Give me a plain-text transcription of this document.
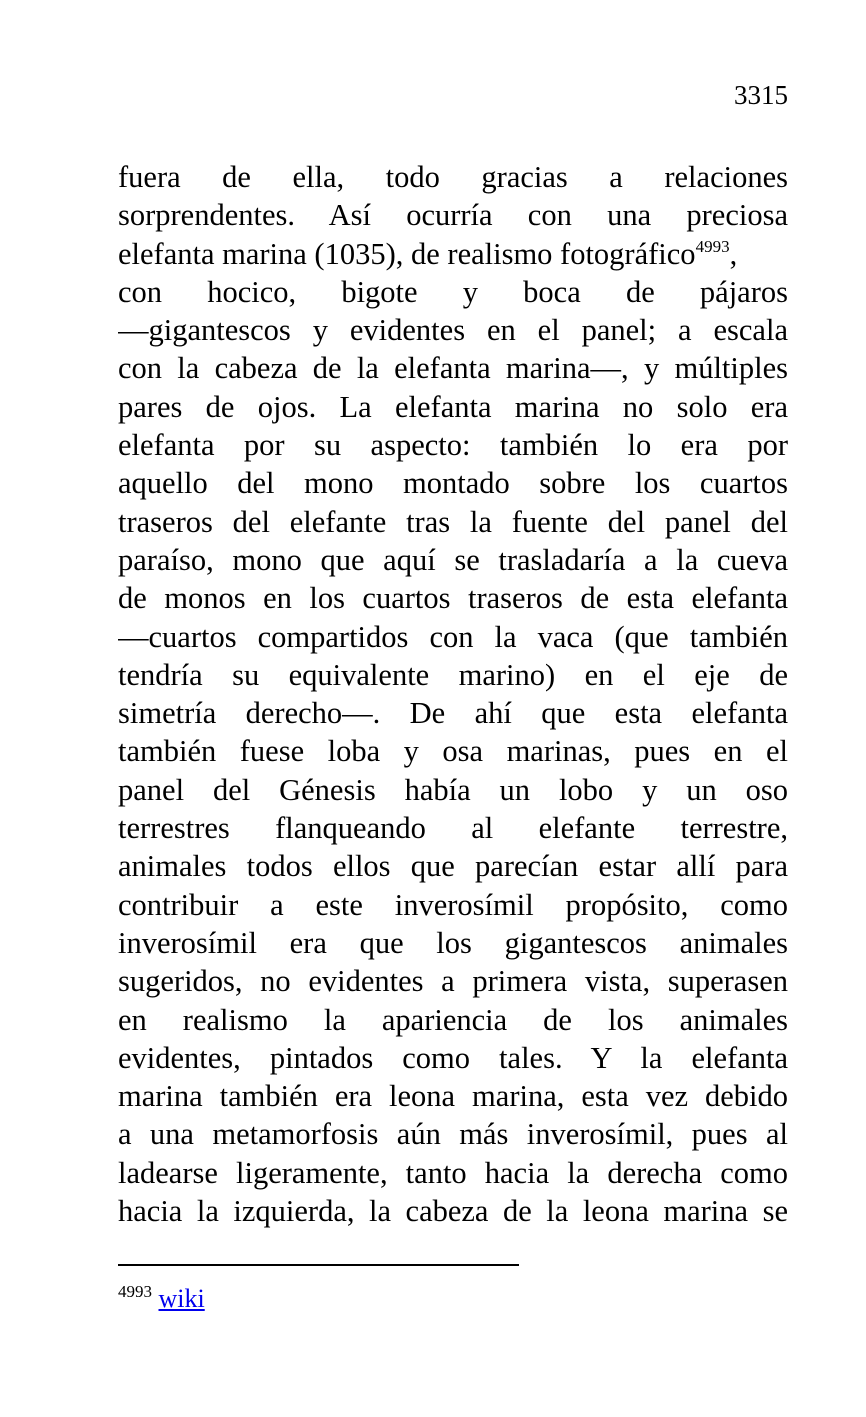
3315
fuera de ella, todo gracias a relaciones
sorprendentes. Así ocurría con una preciosa
elefanta marina (1035), de realismo fotográfico$^{4993}$,
con hocico, bigote y boca de pájaros
—gigantescos y evidentes en el panel; a escala
con la cabeza de la elefanta marina—, y múltiples
pares de ojos. La elefanta marina no solo era
elefanta por su aspecto: también lo era por
aquello del mono montado sobre los cuartos
traseros del elefante tras la fuente del panel del
paraíso, mono que aquí se trasladaría a la cueva
de monos en los cuartos traseros de esta elefanta
—cuartos compartidos con la vaca (que también
tendría su equivalente marino) en el eje de
simetría derecho—. De ahí que esta elefanta
también fuese loba y osa marinas, pues en el
panel del Génesis había un lobo y un oso
terrestres flanqueando al elefante terrestre,
animales todos ellos que parecían estar allí para
contribuir a este inverosímil propósito, como
inverosímil era que los gigantescos animales
sugeridos, no evidentes a primera vista, superasen
en realismo la apariencia de los animales
evidentes, pintados como tales. Y la elefanta
marina también era leona marina, esta vez debido
a una metamorfosis aún más inverosímil, pues al
ladearse ligeramente, tanto hacia la derecha como
hacia la izquierda, la cabeza de la leona marina se
$^{4993}$ wiki
